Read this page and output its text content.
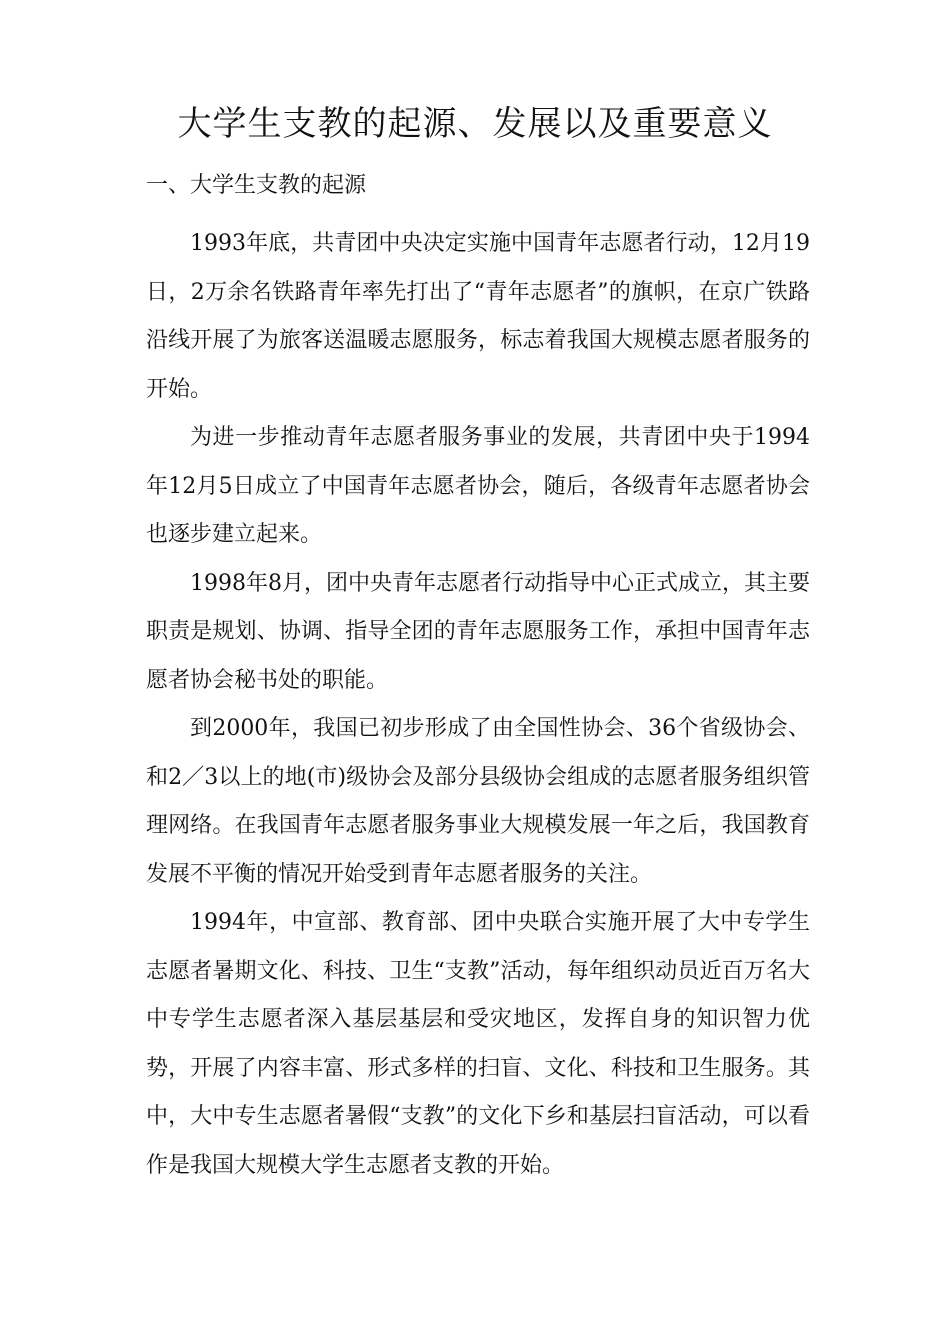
大学生支教的起源、发展以及重要意义
一、大学生支教的起源

1993年底，共青团中央决定实施中国青年志愿者行动，12月19日，2万余名铁路青年率先打出了“青年志愿者”的旗帜，在京广铁路沿线开展了为旅客送温暖志愿服务，标志着我国大规模志愿者服务的开始。

为进一步推动青年志愿者服务事业的发展，共青团中央于1994年12月5日成立了中国青年志愿者协会，随后，各级青年志愿者协会也逐步建立起来。

1998年8月，团中央青年志愿者行动指导中心正式成立，其主要职责是规划、协调、指导全团的青年志愿服务工作，承担中国青年志愿者协会秘书处的职能。

到2000年，我国已初步形成了由全国性协会、36个省级协会、和2／3以上的地(市)级协会及部分县级协会组成的志愿者服务组织管理网络。在我国青年志愿者服务事业大规模发展一年之后，我国教育发展不平衡的情况开始受到青年志愿者服务的关注。

1994年，中宣部、教育部、团中央联合实施开展了大中专学生志愿者暑期文化、科技、卫生“支教”活动，每年组织动员近百万名大中专学生志愿者深入基层基层和受灾地区，发挥自身的知识智力优势，开展了内容丰富、形式多样的扫盲、文化、科技和卫生服务。其中，大中专生志愿者暑假“支教”的文化下乡和基层扫盲活动，可以看作是我国大规模大学生志愿者支教的开始。
